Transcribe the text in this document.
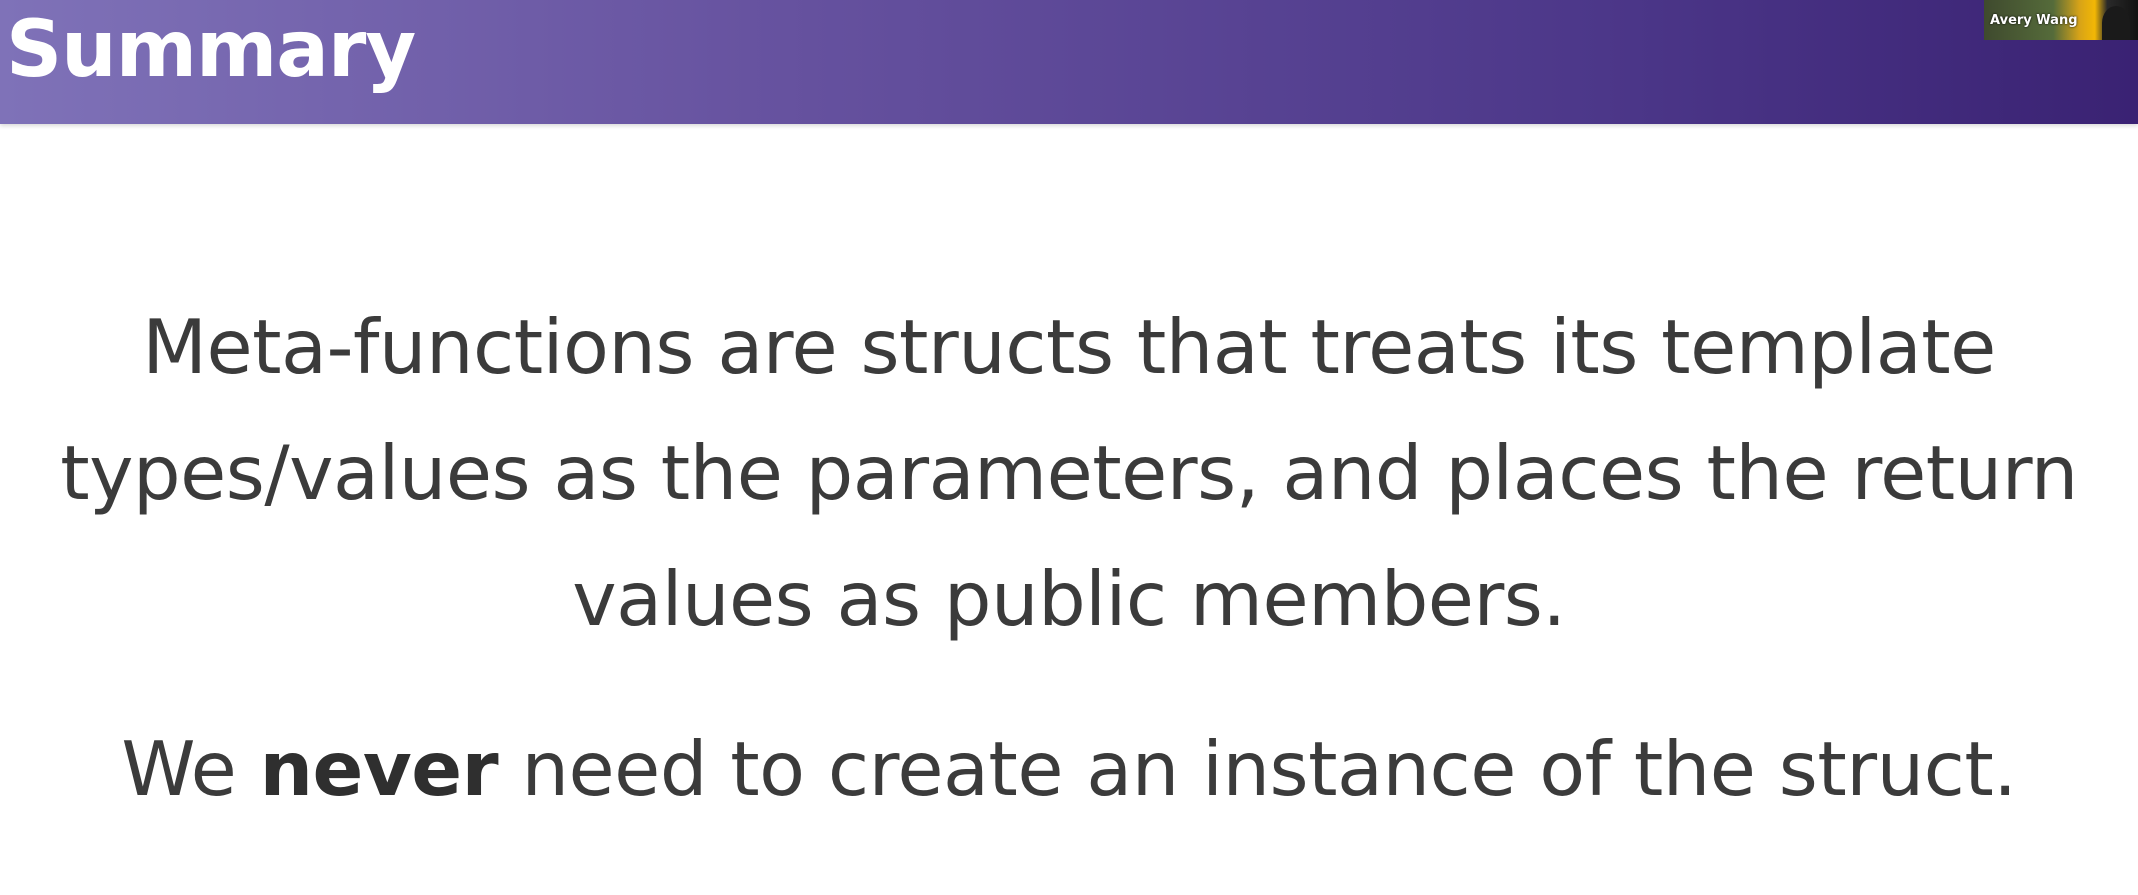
Summary	Avery Wang
Meta-functions are structs that treats its template types/values as the parameters, and places the return values as public members.
We never need to create an instance of the struct.
